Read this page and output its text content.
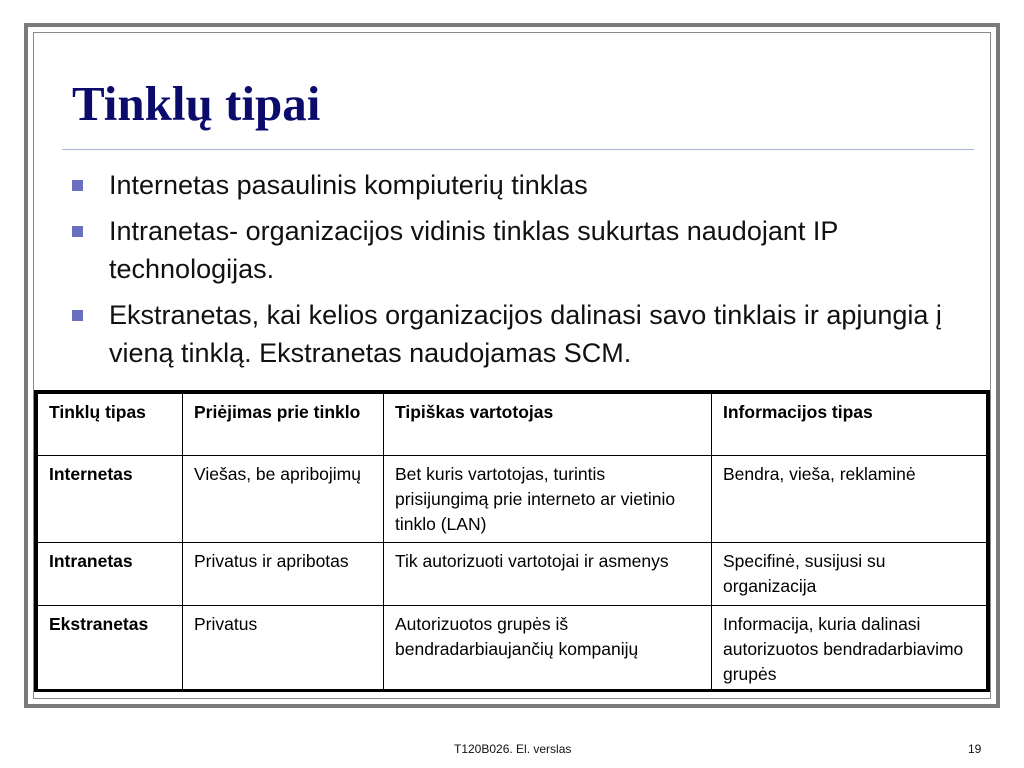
Tinklų tipai
Internetas pasaulinis kompiuterių tinklas
Intranetas- organizacijos vidinis tinklas sukurtas naudojant IP technologijas.
Ekstranetas, kai kelios organizacijos dalinasi savo tinklais ir apjungia į vieną tinklą. Ekstranetas naudojamas SCM.
Tinklų tipas	Priėjimas prie tinklo	Tipiškas vartotojas	Informacijos tipas
Internetas	Viešas, be apribojimų	Bet kuris vartotojas, turintis prisijungimą prie interneto ar vietinio tinklo (LAN)	Bendra, vieša, reklaminė
Intranetas	Privatus ir apribotas	Tik autorizuoti vartotojai ir asmenys	Specifinė, susijusi su organizacija
Ekstranetas	Privatus	Autorizuotos grupės iš bendradarbiaujančių kompanijų	Informacija, kuria dalinasi autorizuotos bendradarbiavimo grupės
T120B026. El. verslas	19
